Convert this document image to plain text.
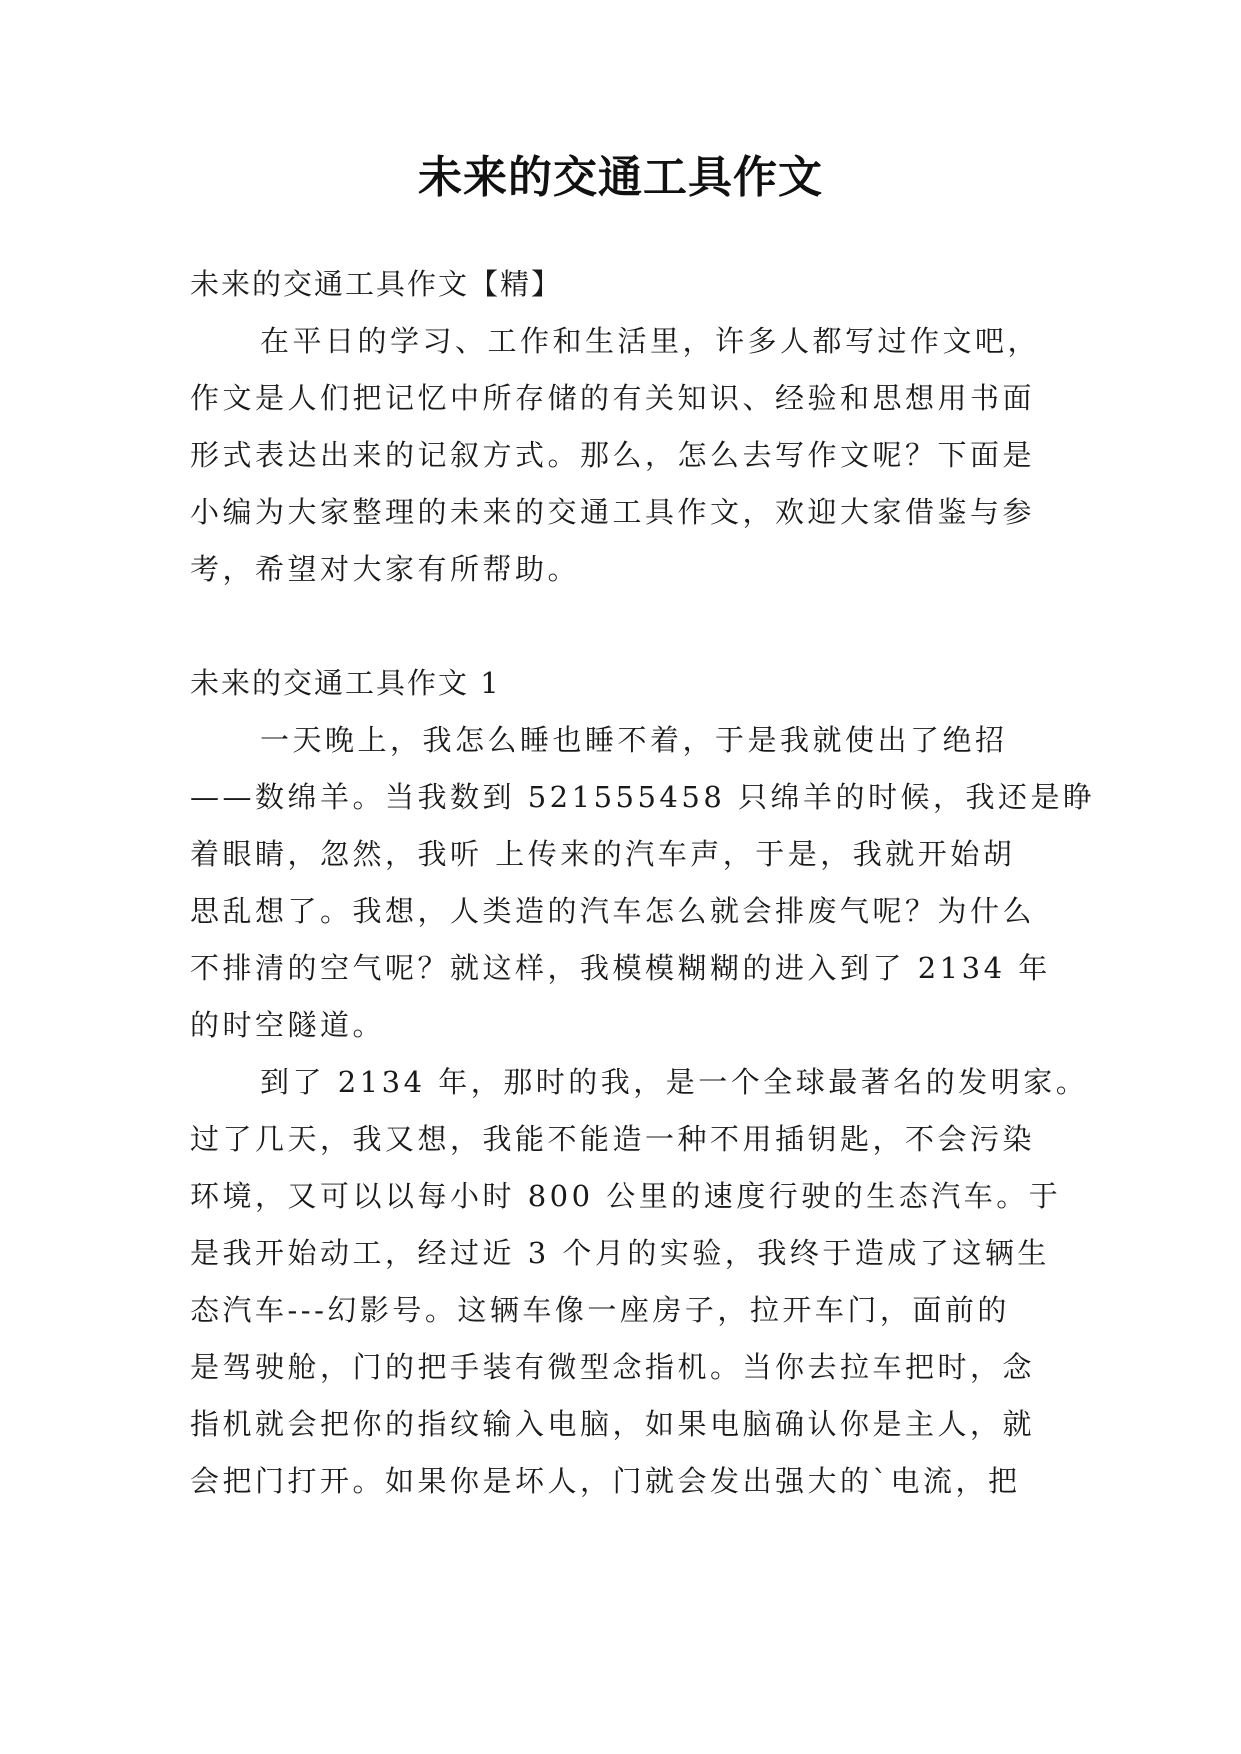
未来的交通工具作文
未来的交通工具作文【精】
在平日的学习、工作和生活里，许多人都写过作文吧，
作文是人们把记忆中所存储的有关知识、经验和思想用书面
形式表达出来的记叙方式。那么，怎么去写作文呢？下面是
小编为大家整理的未来的交通工具作文，欢迎大家借鉴与参
考，希望对大家有所帮助。
未来的交通工具作文 1
一天晚上，我怎么睡也睡不着，于是我就使出了绝招
——数绵羊。当我数到 521555458 只绵羊的时候，我还是睁
着眼睛，忽然，我听 上传来的汽车声，于是，我就开始胡
思乱想了。我想，人类造的汽车怎么就会排废气呢？为什么
不排清的空气呢？就这样，我模模糊糊的进入到了 2134 年
的时空隧道。
到了 2134 年，那时的我，是一个全球最著名的发明家。
过了几天，我又想，我能不能造一种不用插钥匙，不会污染
环境，又可以以每小时 800 公里的速度行驶的生态汽车。于
是我开始动工，经过近 3 个月的实验，我终于造成了这辆生
态汽车---幻影号。这辆车像一座房子，拉开车门，面前的
是驾驶舱，门的把手装有微型念指机。当你去拉车把时，念
指机就会把你的指纹输入电脑，如果电脑确认你是主人，就
会把门打开。如果你是坏人，门就会发出强大的`电流，把
